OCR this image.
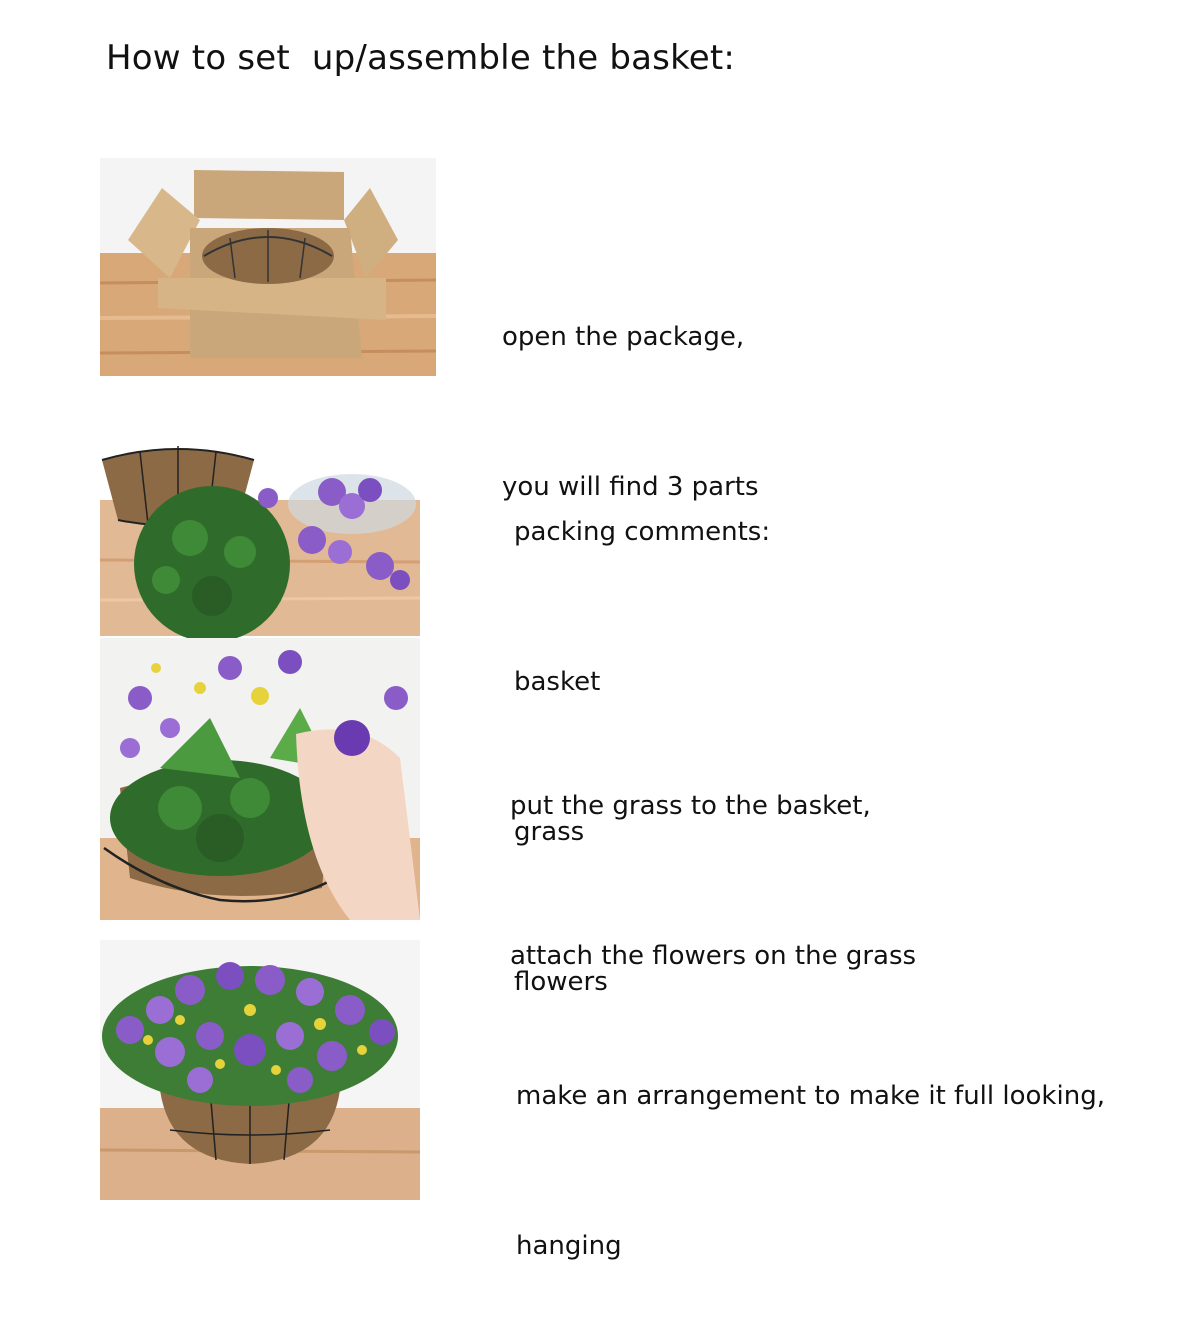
How to set  up/assemble the basket:

open the package,

you will find 3 parts

packing comments:

basket

grass

flowers

put the grass to the basket,

attach the flowers on the grass

make an arrangement to make it full looking,

hanging
